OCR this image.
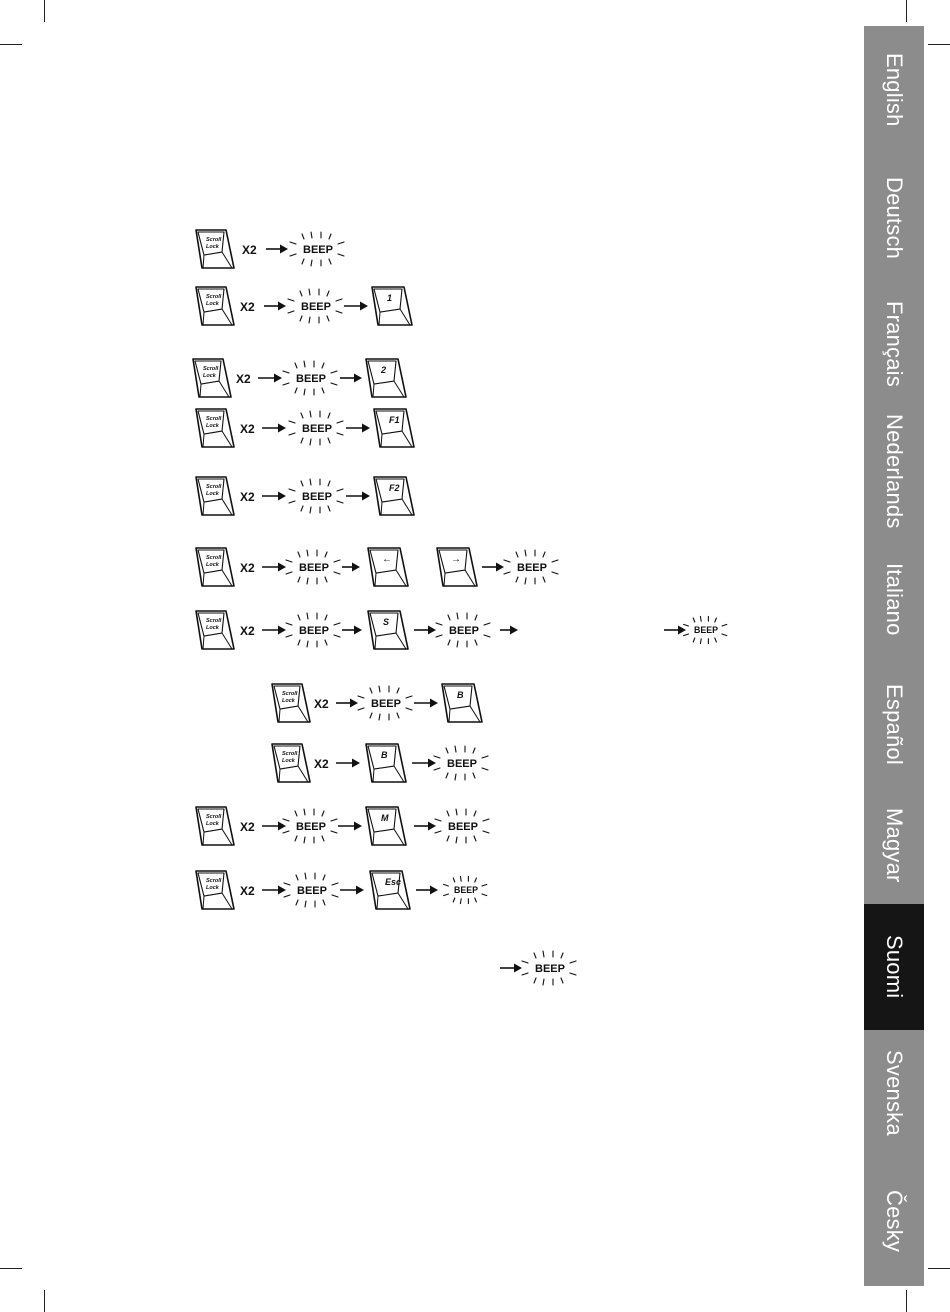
Scroll
Lock X2	BEEP
Scroll
Lock X2	BEEP
1
Scroll
Lock X2	BEEP
2
Scroll
Lock X2	BEEP
F1
Scroll
Lock X2	BEEP
F2
Scroll
Lock X2	BEEP
←	→
BEEP
Scroll
Lock X2	BEEP
S
BEEP	BEEP
Scroll
Lock X2	BEEP
B
Scroll
Lock X2
B
BEEP
Scroll
Lock X2	BEEP
M
BEEP
Scroll
Lock X2	BEEP
Esc
BEEP
BEEP
English
Deutsch
Français
Nederlands
Italiano
Español
Magyar
Suomi
Svenska
Česky
